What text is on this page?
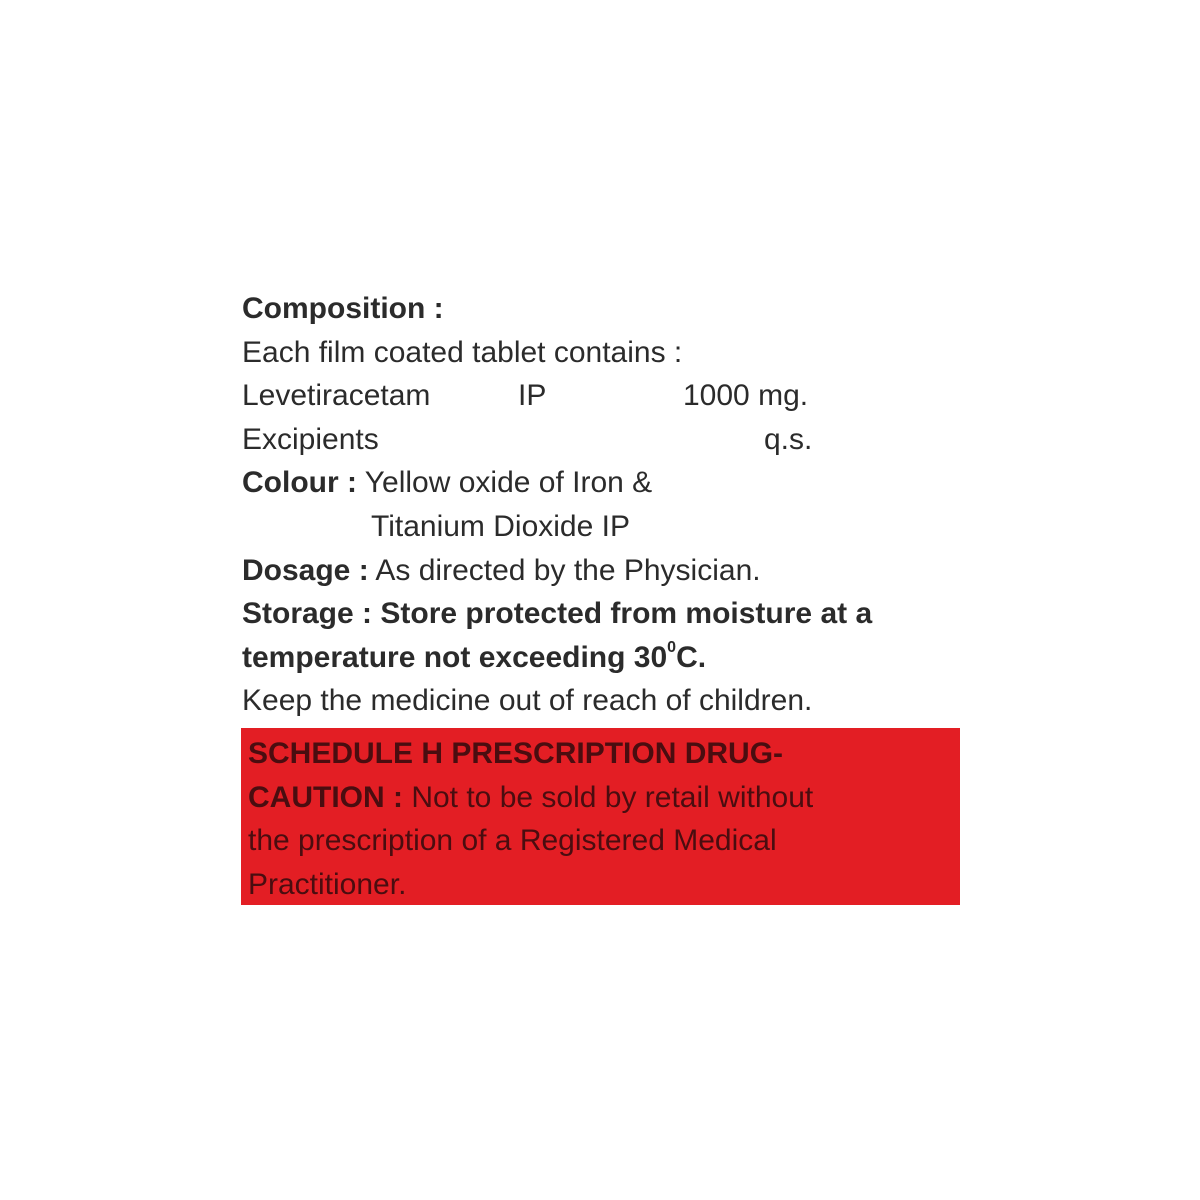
Composition :
Each film coated tablet contains :
Levetiracetam	IP	1000 mg.
Excipients	q.s.
Colour : Yellow oxide of Iron &
Titanium Dioxide IP
Dosage : As directed by the Physician.
Storage : Store protected from moisture at a
temperature not exceeding $30^0C$.
Keep the medicine out of reach of children.
SCHEDULE H PRESCRIPTION DRUG-
CAUTION : Not to be sold by retail without
the prescription of a Registered Medical
Practitioner.
